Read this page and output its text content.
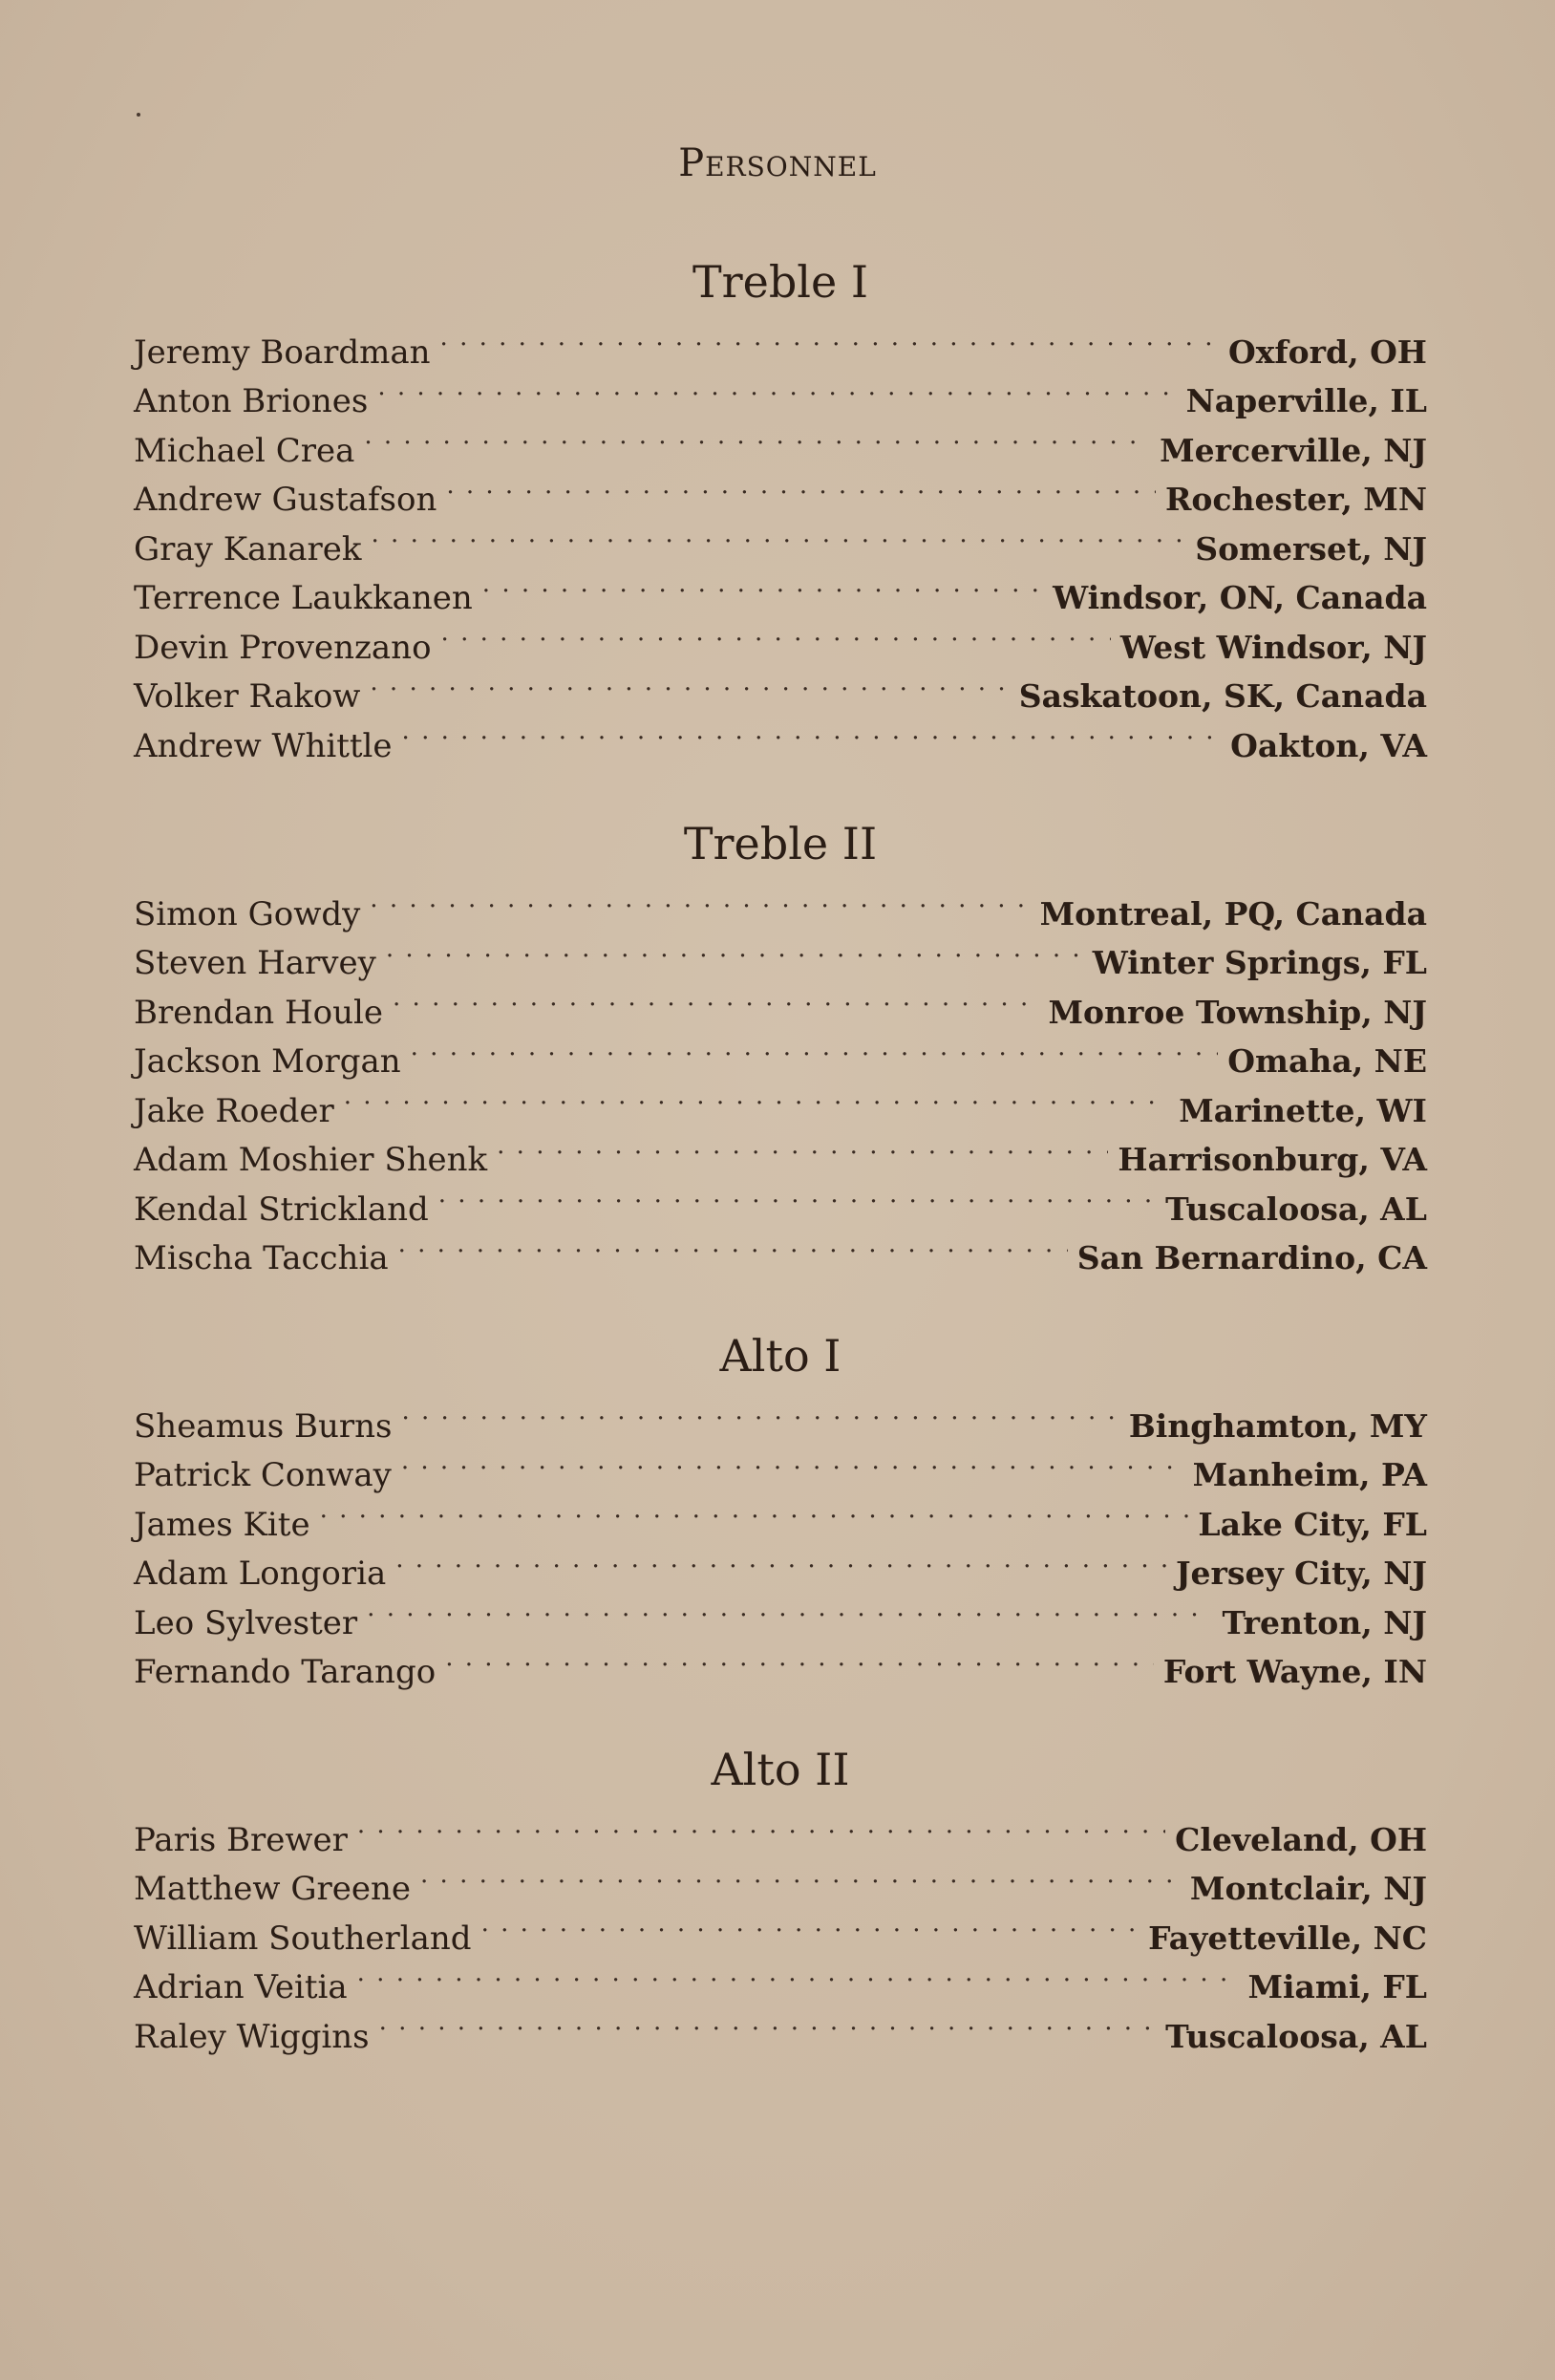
Personnel
Treble I
Jeremy Boardman . . .	Oxford, OH
Anton Briones . . .	Naperville, IL
Michael Crea . . .	Mercerville, NJ
Andrew Gustafson . . .	Rochester, MN
Gray Kanarek . . .	Somerset, NJ
Terrence Laukkanen . . .	Windsor, ON, Canada
Devin Provenzano . . .	West Windsor, NJ
Volker Rakow . . .	Saskatoon, SK, Canada
Andrew Whittle . . .	Oakton, VA
Treble II
Simon Gowdy . . .	Montreal, PQ, Canada
Steven Harvey . . .	Winter Springs, FL
Brendan Houle . . .	Monroe Township, NJ
Jackson Morgan . . .	Omaha, NE
Jake Roeder . . .	Marinette, WI
Adam Moshier Shenk . . .	Harrisonburg, VA
Kendal Strickland . . .	Tuscaloosa, AL
Mischa Tacchia . . .	San Bernardino, CA
Alto I
Sheamus Burns . . .	Binghamton, MY
Patrick Conway . . .	Manheim, PA
James Kite . . .	Lake City, FL
Adam Longoria . . .	Jersey City, NJ
Leo Sylvester . . .	Trenton, NJ
Fernando Tarango . . .	Fort Wayne, IN
Alto II
Paris Brewer . . .	Cleveland, OH
Matthew Greene . . .	Montclair, NJ
William Southerland . . .	Fayetteville, NC
Adrian Veitia . . .	Miami, FL
Raley Wiggins . . .	Tuscaloosa, AL
